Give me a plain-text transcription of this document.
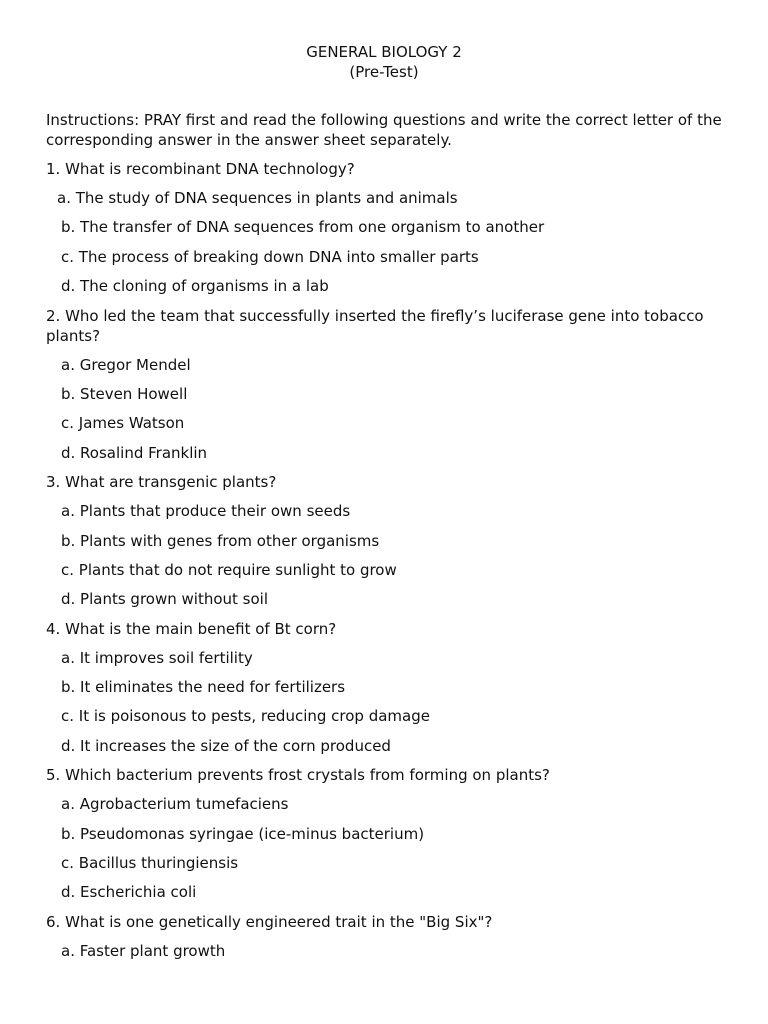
GENERAL BIOLOGY 2
(Pre-Test)
Instructions: PRAY first and read the following questions and write the correct letter of the corresponding answer in the answer sheet separately.
1. What is recombinant DNA technology?
a. The study of DNA sequences in plants and animals
b. The transfer of DNA sequences from one organism to another
c. The process of breaking down DNA into smaller parts
d. The cloning of organisms in a lab
2. Who led the team that successfully inserted the firefly’s luciferase gene into tobacco plants?
a. Gregor Mendel
b. Steven Howell
c. James Watson
d. Rosalind Franklin
3. What are transgenic plants?
a. Plants that produce their own seeds
b. Plants with genes from other organisms
c. Plants that do not require sunlight to grow
d. Plants grown without soil
4. What is the main benefit of Bt corn?
a. It improves soil fertility
b. It eliminates the need for fertilizers
c. It is poisonous to pests, reducing crop damage
d. It increases the size of the corn produced
5. Which bacterium prevents frost crystals from forming on plants?
a. Agrobacterium tumefaciens
b. Pseudomonas syringae (ice-minus bacterium)
c. Bacillus thuringiensis
d. Escherichia coli
6. What is one genetically engineered trait in the "Big Six"?
a. Faster plant growth
